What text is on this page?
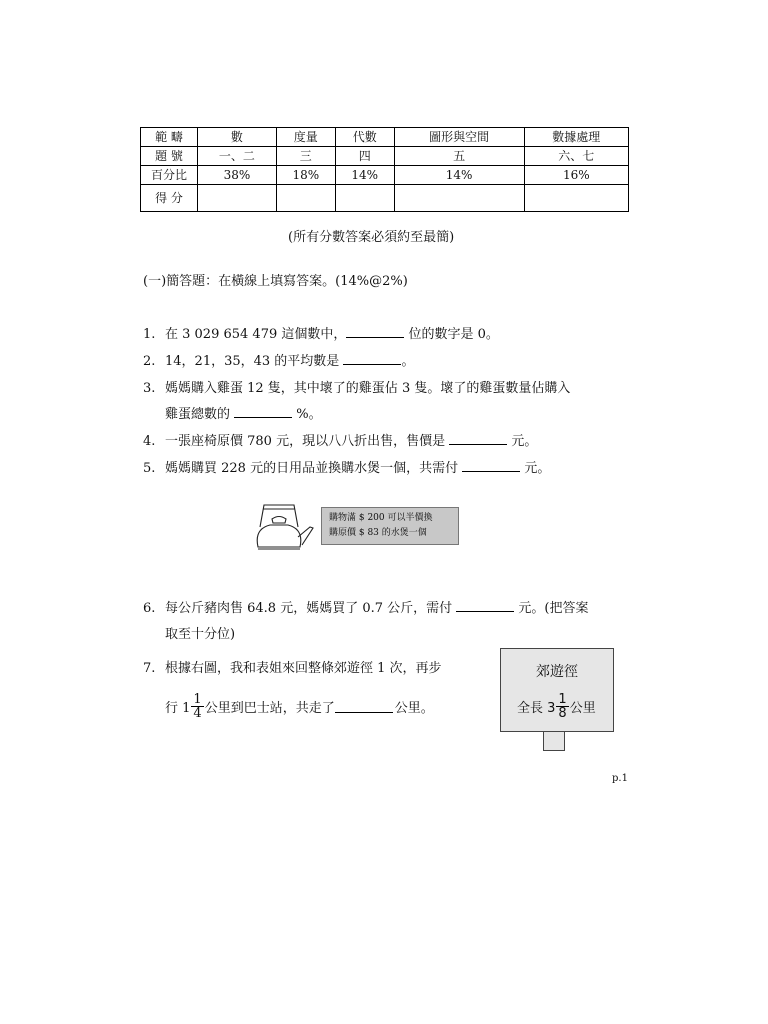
範 疇	數	度量	代數	圖形與空間	數據處理
題 號	一、二	三	四	五	六、七
百分比	38%	18%	14%	14%	16%
得 分					
(所有分數答案必須約至最簡)
(一)簡答題：在橫線上填寫答案。(14%@2%)
1. 在 3 029 654 479 這個數中，	位的數字是 0。
2. 14，21，35，43 的平均數是	。
3. 媽媽購入雞蛋 12 隻，其中壞了的雞蛋佔 3 隻。壞了的雞蛋數量佔購入
雞蛋總數的	%。
4. 一張座椅原價 780 元，現以八八折出售，售價是	元。
5. 媽媽購買 228 元的日用品並換購水煲一個，共需付	元。
購物滿 $ 200 可以半價換
購原價 $ 83 的水煲一個
6. 每公斤豬肉售 64.8 元，媽媽買了 0.7 公斤，需付	元。(把答案
取至十分位)
7. 根據右圖，我和表姐來回整條郊遊徑 1 次，再步
行 $1 \frac{1}{4}$ 公里到巴士站，共走了	公里。
郊遊徑
全長 $3 \frac{1}{8}$ 公里
p.1
